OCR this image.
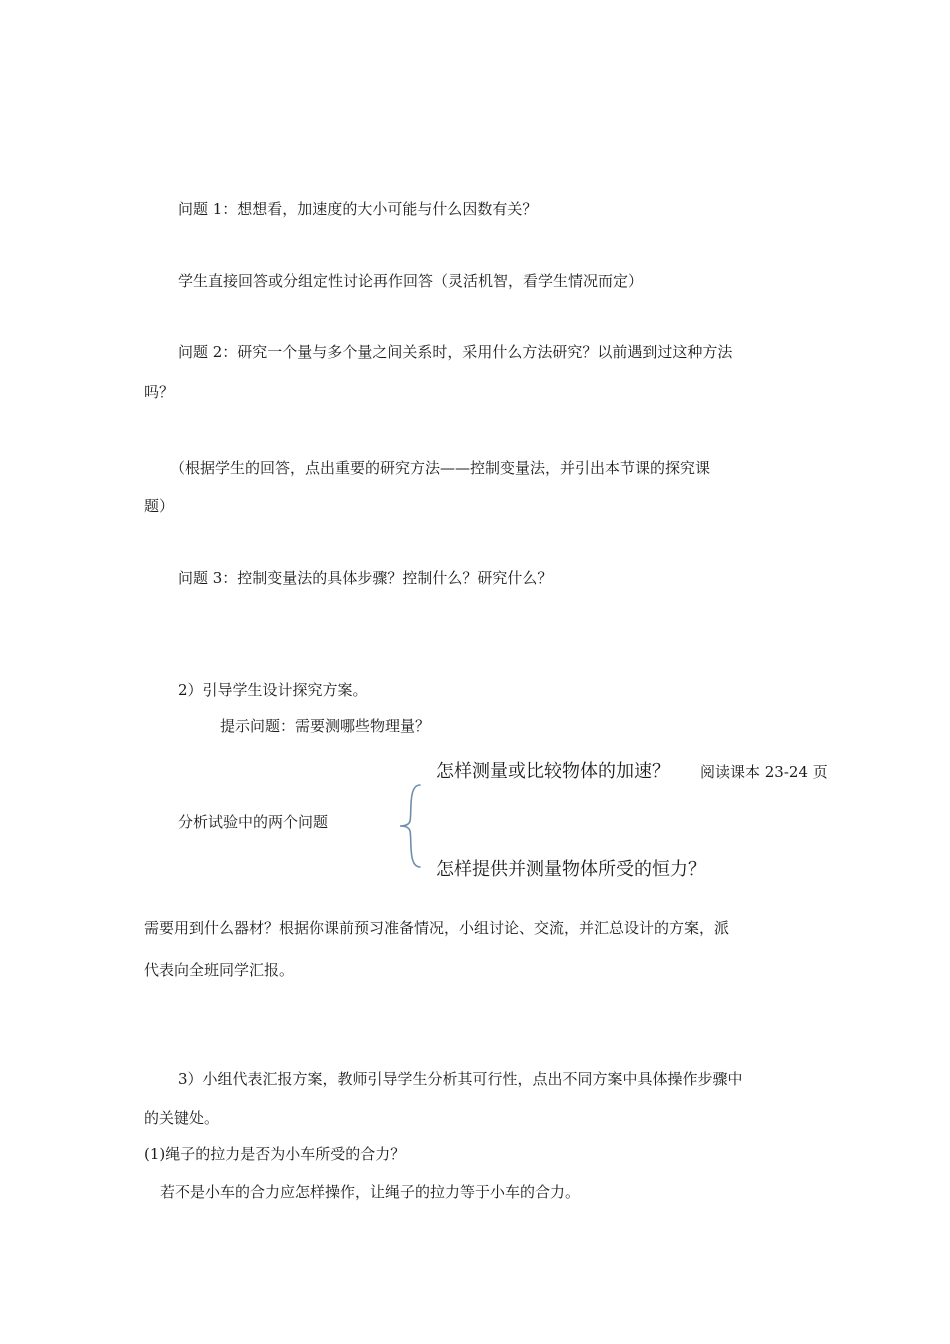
问题 1：想想看，加速度的大小可能与什么因数有关？
学生直接回答或分组定性讨论再作回答（灵活机智，看学生情况而定）
问题 2：研究一个量与多个量之间关系时，采用什么方法研究？以前遇到过这种方法
吗？
（根据学生的回答，点出重要的研究方法——控制变量法，并引出本节课的探究课
题）
问题 3：控制变量法的具体步骤？控制什么？研究什么？
2）引导学生设计探究方案。
提示问题：需要测哪些物理量？
怎样测量或比较物体的加速？ 阅读课本 23-24 页
分析试验中的两个问题
怎样提供并测量物体所受的恒力？
需要用到什么器材？根据你课前预习准备情况，小组讨论、交流，并汇总设计的方案，派
代表向全班同学汇报。
3）小组代表汇报方案，教师引导学生分析其可行性，点出不同方案中具体操作步骤中
的关键处。
(1)绳子的拉力是否为小车所受的合力？
若不是小车的合力应怎样操作，让绳子的拉力等于小车的合力。
